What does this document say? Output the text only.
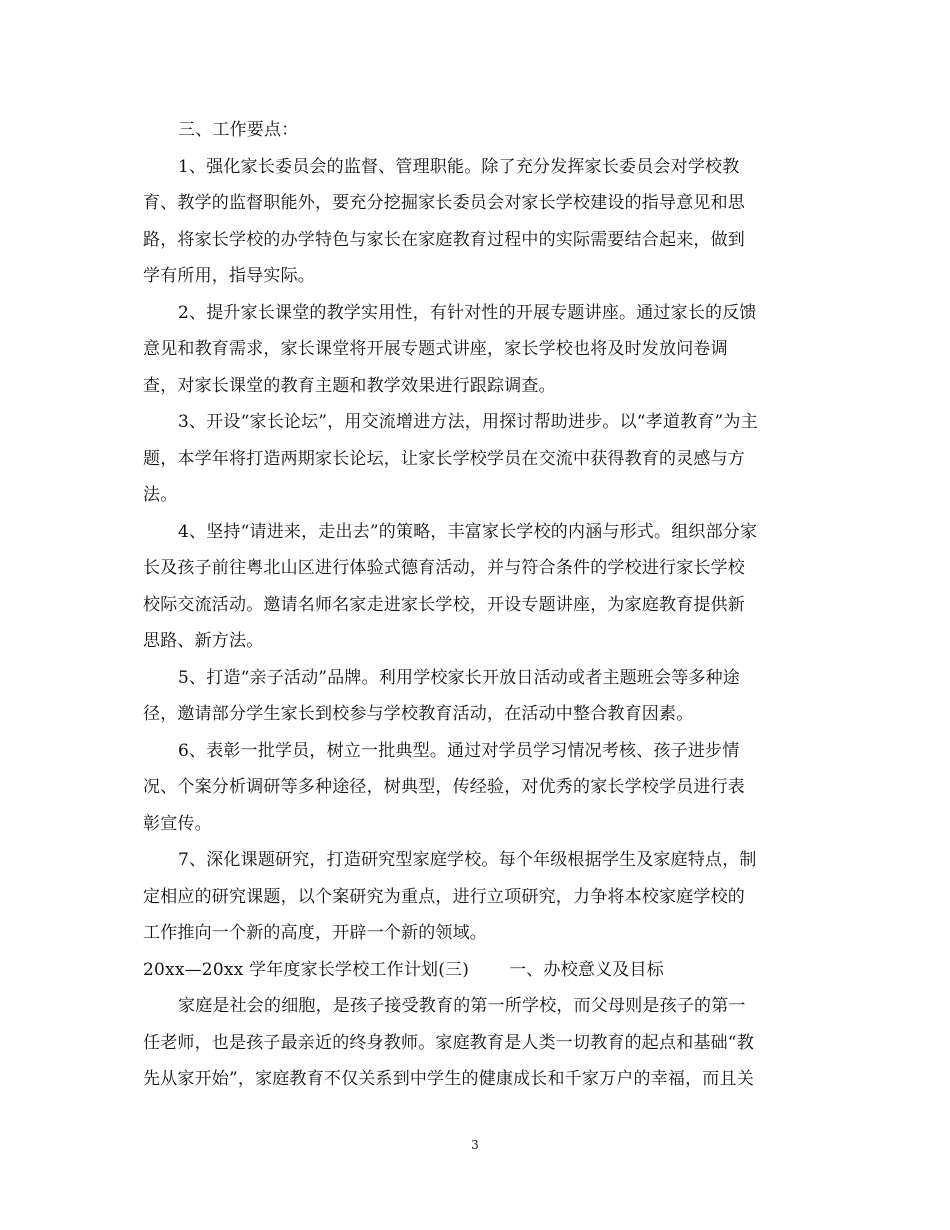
三、工作要点：
1、强化家长委员会的监督、管理职能。除了充分发挥家长委员会对学校教
育、教学的监督职能外，要充分挖掘家长委员会对家长学校建设的指导意见和思
路，将家长学校的办学特色与家长在家庭教育过程中的实际需要结合起来，做到
学有所用，指导实际。
2、提升家长课堂的教学实用性，有针对性的开展专题讲座。通过家长的反馈
意见和教育需求，家长课堂将开展专题式讲座，家长学校也将及时发放问卷调
查，对家长课堂的教育主题和教学效果进行跟踪调查。
3、开设“家长论坛”，用交流增进方法，用探讨帮助进步。以“孝道教育”为主
题，本学年将打造两期家长论坛，让家长学校学员在交流中获得教育的灵感与方
法。
4、坚持“请进来，走出去”的策略，丰富家长学校的内涵与形式。组织部分家
长及孩子前往粤北山区进行体验式德育活动，并与符合条件的学校进行家长学校
校际交流活动。邀请名师名家走进家长学校，开设专题讲座，为家庭教育提供新
思路、新方法。
5、打造“亲子活动”品牌。利用学校家长开放日活动或者主题班会等多种途
径，邀请部分学生家长到校参与学校教育活动，在活动中整合教育因素。
6、表彰一批学员，树立一批典型。通过对学员学习情况考核、孩子进步情
况、个案分析调研等多种途径，树典型，传经验，对优秀的家长学校学员进行表
彰宣传。
7、深化课题研究，打造研究型家庭学校。每个年级根据学生及家庭特点，制
定相应的研究课题，以个案研究为重点，进行立项研究，力争将本校家庭学校的
工作推向一个新的高度，开辟一个新的领域。
20xx—20xx 学年度家长学校工作计划(三) 一、办校意义及目标
家庭是社会的细胞，是孩子接受教育的第一所学校，而父母则是孩子的第一
任老师，也是孩子最亲近的终身教师。家庭教育是人类一切教育的起点和基础“教
先从家开始”，家庭教育不仅关系到中学生的健康成长和千家万户的幸福，而且关
3
